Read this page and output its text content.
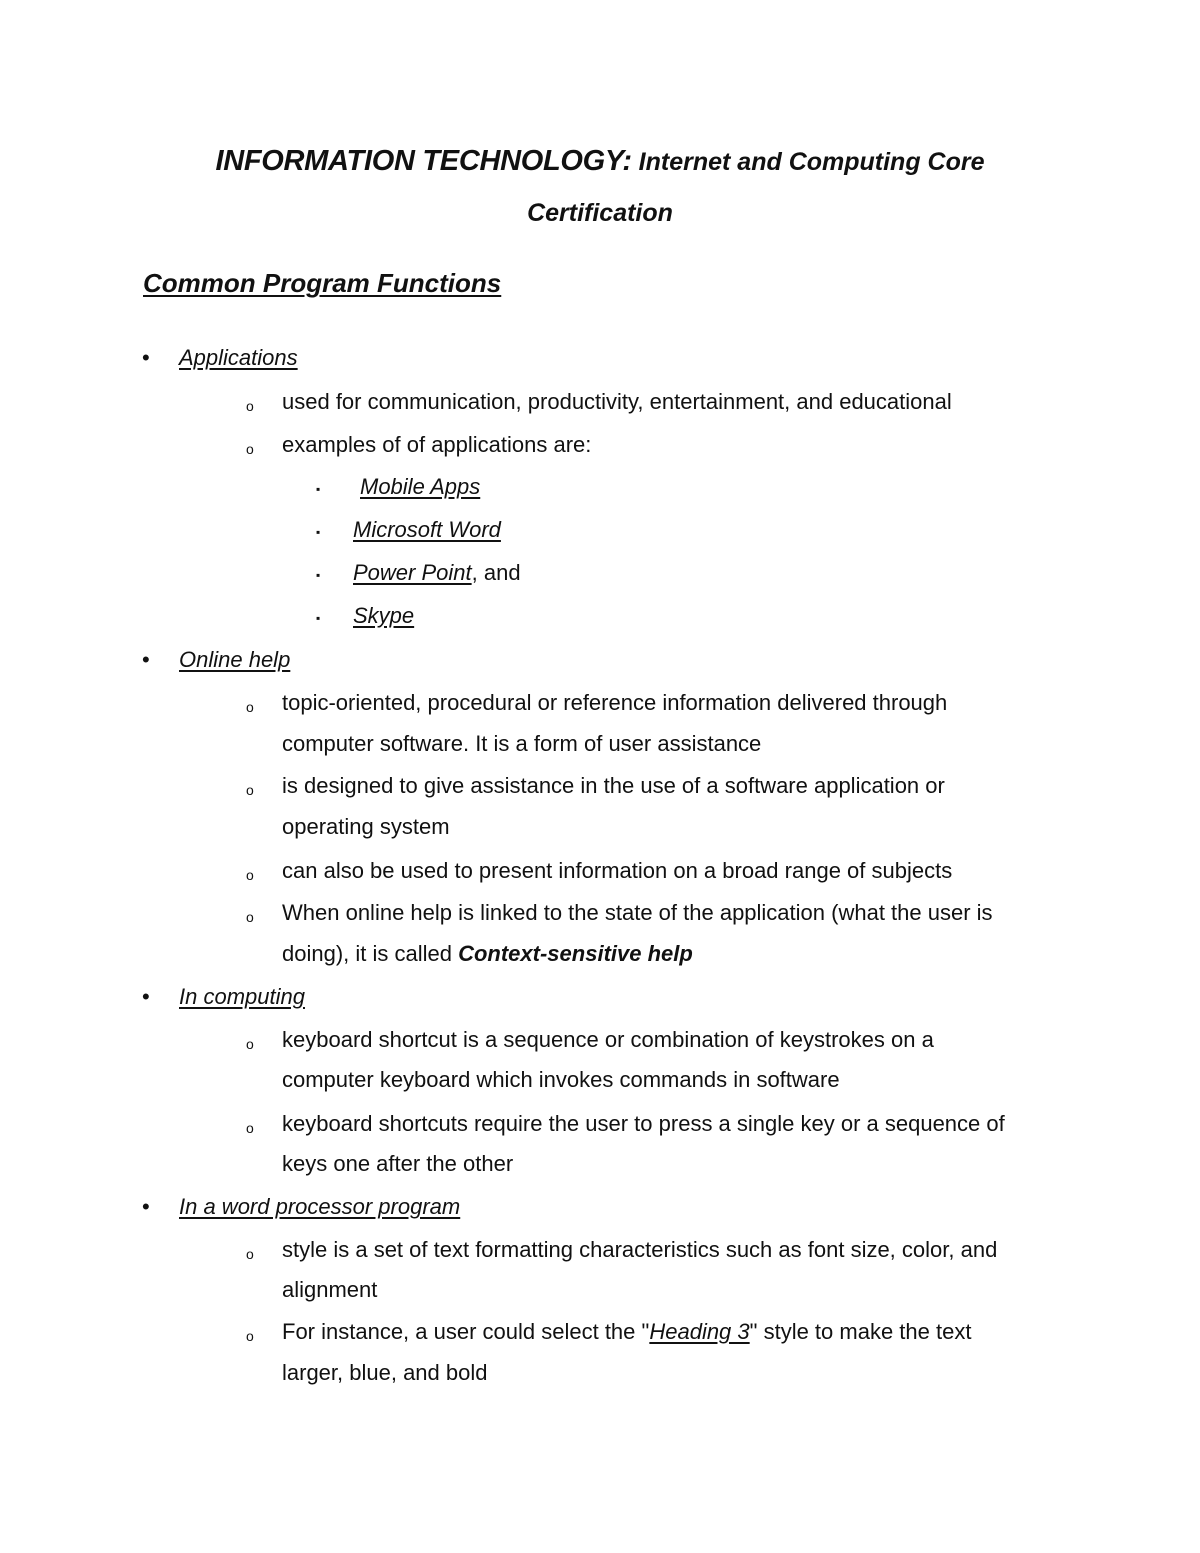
INFORMATION TECHNOLOGY: Internet and Computing Core
Certification
Common Program Functions
• Applications
o used for communication, productivity, entertainment, and educational
o examples of of applications are:
▪ Mobile Apps
▪ Microsoft Word
▪ Power Point, and
▪ Skype
• Online help
o topic-oriented, procedural or reference information delivered through
computer software. It is a form of user assistance
o is designed to give assistance in the use of a software application or
operating system
o can also be used to present information on a broad range of subjects
o When online help is linked to the state of the application (what the user is
doing), it is called Context-sensitive help
• In computing
o keyboard shortcut is a sequence or combination of keystrokes on a
computer keyboard which invokes commands in software
o keyboard shortcuts require the user to press a single key or a sequence of
keys one after the other
• In a word processor program
o style is a set of text formatting characteristics such as font size, color, and
alignment
o For instance, a user could select the "Heading 3" style to make the text
larger, blue, and bold
